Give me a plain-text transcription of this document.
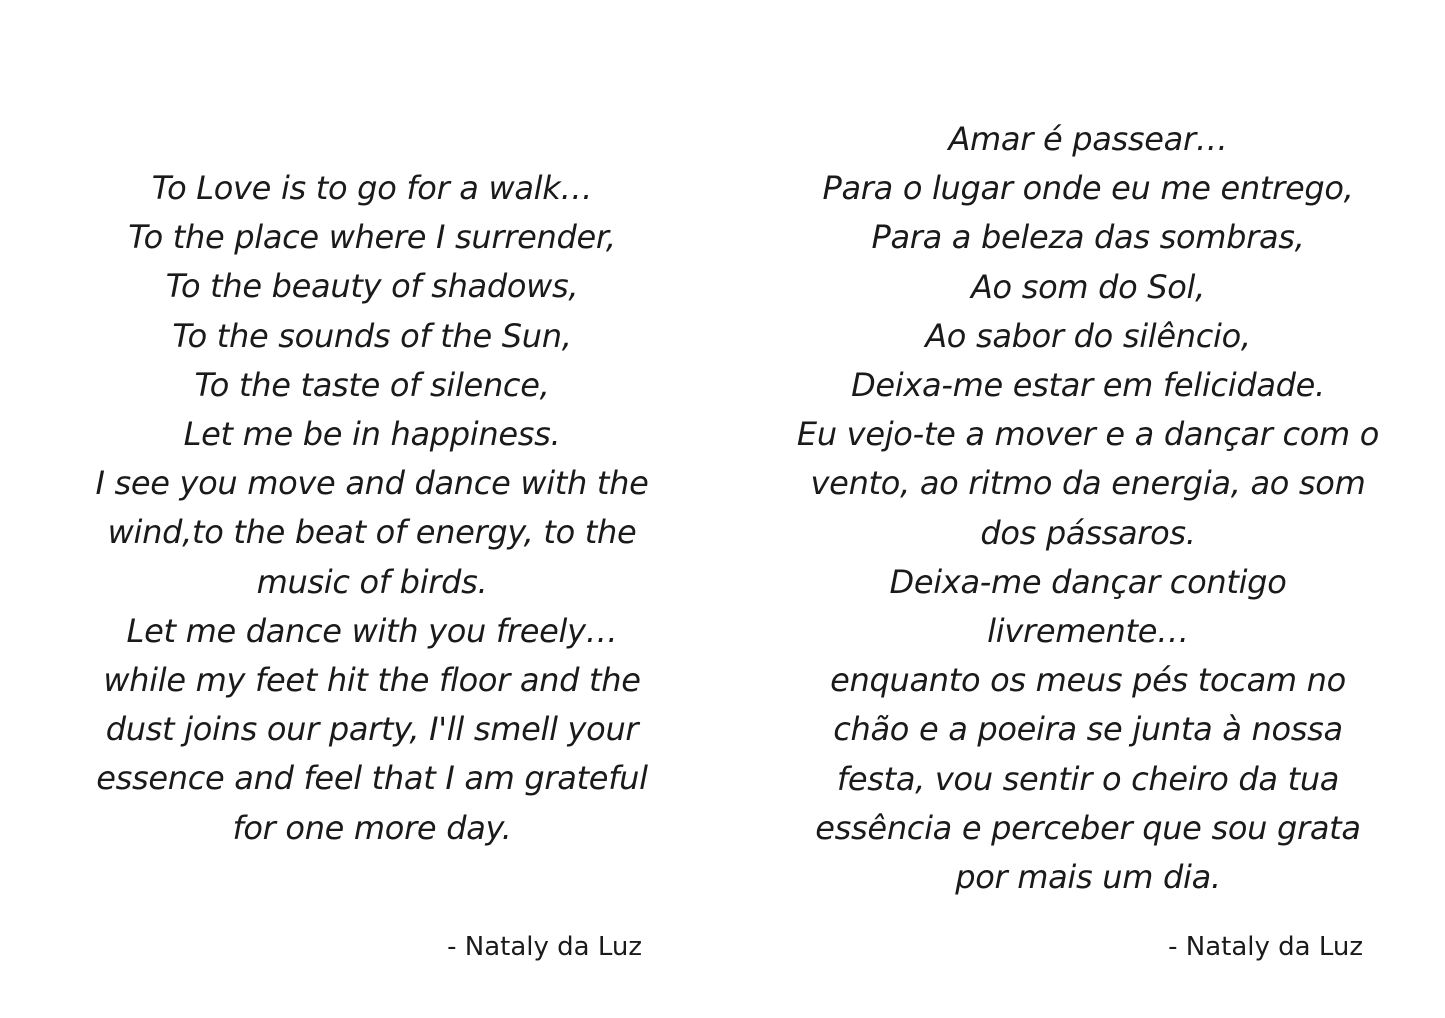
To Love is to go for a walk…
To the place where I surrender,
To the beauty of shadows,
To the sounds of the Sun,
To the taste of silence,
Let me be in happiness.
I see you move and dance with the
wind,to the beat of energy, to the
music of birds.
Let me dance with you freely…
while my feet hit the floor and the
dust joins our party, I'll smell your
essence and feel that I am grateful
for one more day.
- Nataly da Luz
Amar é passear…
Para o lugar onde eu me entrego,
Para a beleza das sombras,
Ao som do Sol,
Ao sabor do silêncio,
Deixa-me estar em felicidade.
Eu vejo-te a mover e a dançar com o
vento, ao ritmo da energia, ao som
dos pássaros.
Deixa-me dançar contigo
livremente…
enquanto os meus pés tocam no
chão e a poeira se junta à nossa
festa, vou sentir o cheiro da tua
essência e perceber que sou grata
por mais um dia.
- Nataly da Luz
